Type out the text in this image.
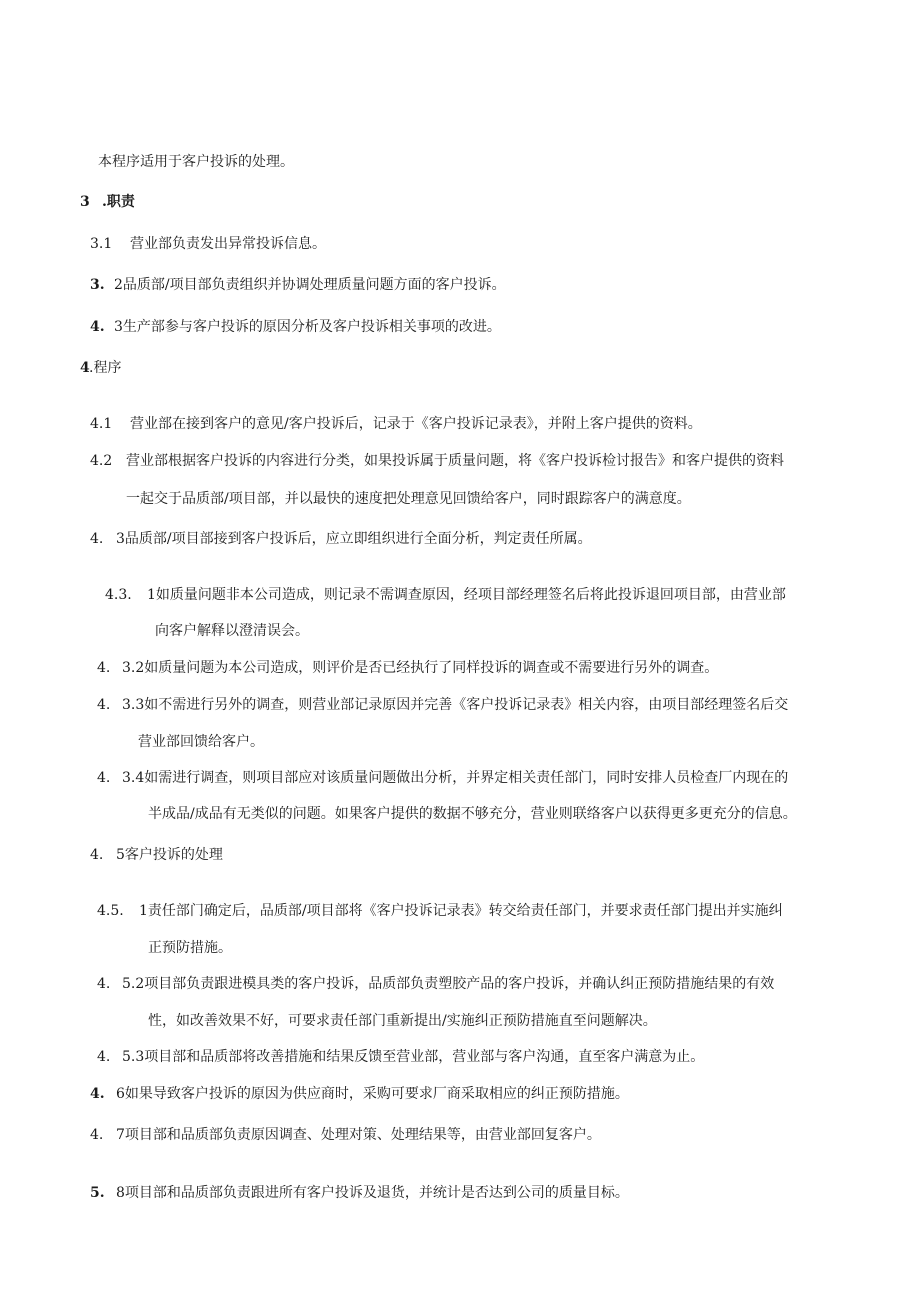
本程序适用于客户投诉的处理。
3 .职责
3.1 营业部负责发出异常投诉信息。
3. 2品质部/项目部负责组织并协调处理质量问题方面的客户投诉。
4. 3生产部参与客户投诉的原因分析及客户投诉相关事项的改进。
4.程序
4.1 营业部在接到客户的意见/客户投诉后，记录于《客户投诉记录表》，并附上客户提供的资料。
4.2 营业部根据客户投诉的内容进行分类，如果投诉属于质量问题，将《客户投诉检讨报告》和客户提供的资料
一起交于品质部/项目部，并以最快的速度把处理意见回馈给客户，同时跟踪客户的满意度。
4. 3品质部/项目部接到客户投诉后，应立即组织进行全面分析，判定责任所属。
4.3. 1如质量问题非本公司造成，则记录不需调查原因，经项目部经理签名后将此投诉退回项目部，由营业部
向客户解释以澄清误会。
4. 3.2如质量问题为本公司造成，则评价是否已经执行了同样投诉的调查或不需要进行另外的调查。
4. 3.3如不需进行另外的调查，则营业部记录原因并完善《客户投诉记录表》相关内容，由项目部经理签名后交
营业部回馈给客户。
4. 3.4如需进行调查，则项目部应对该质量问题做出分析，并界定相关责任部门，同时安排人员检查厂内现在的
半成品/成品有无类似的问题。如果客户提供的数据不够充分，营业则联络客户以获得更多更充分的信息。
4. 5客户投诉的处理
4.5. 1责任部门确定后，品质部/项目部将《客户投诉记录表》转交给责任部门，并要求责任部门提出并实施纠
正预防措施。
4. 5.2项目部负责跟进模具类的客户投诉，品质部负责塑胶产品的客户投诉，并确认纠正预防措施结果的有效
性，如改善效果不好，可要求责任部门重新提出/实施纠正预防措施直至问题解决。
4. 5.3项目部和品质部将改善措施和结果反馈至营业部，营业部与客户沟通，直至客户满意为止。
4. 6如果导致客户投诉的原因为供应商时，采购可要求厂商采取相应的纠正预防措施。
4. 7项目部和品质部负责原因调查、处理对策、处理结果等，由营业部回复客户。
5. 8项目部和品质部负责跟进所有客户投诉及退货，并统计是否达到公司的质量目标。
